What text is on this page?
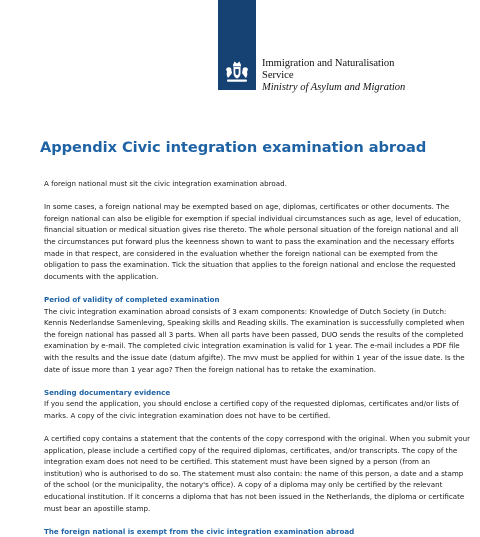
Immigration and Naturalisation
Service
Ministry of Asylum and Migration
Appendix Civic integration examination abroad

A foreign national must sit the civic integration examination abroad.

In some cases, a foreign national may be exempted based on age, diplomas, certificates or other documents. The foreign national can also be eligible for exemption if special individual circumstances such as age, level of education, financial situation or medical situation gives rise thereto. The whole personal situation of the foreign national and all the circumstances put forward plus the keenness shown to want to pass the examination and the necessary efforts made in that respect, are considered in the evaluation whether the foreign national can be exempted from the obligation to pass the examination. Tick the situation that applies to the foreign national and enclose the requested documents with the application.

Period of validity of completed examination

The civic integration examination abroad consists of 3 exam components: Knowledge of Dutch Society (in Dutch: Kennis Nederlandse Samenleving, Speaking skills and Reading skills. The examination is successfully completed when the foreign national has passed all 3 parts. When all parts have been passed, DUO sends the results of the completed examination by e-mail. The completed civic integration examination is valid for 1 year. The e-mail includes a PDF file with the results and the issue date (datum afgifte). The mvv must be applied for within 1 year of the issue date. Is the date of issue more than 1 year ago? Then the foreign national has to retake the examination.

Sending documentary evidence

If you send the application, you should enclose a certified copy of the requested diplomas, certificates and/or lists of marks. A copy of the civic integration examination does not have to be certified.

A certified copy contains a statement that the contents of the copy correspond with the original. When you submit your application, please include a certified copy of the required diplomas, certificates, and/or transcripts. The copy of the integration exam does not need to be certified. This statement must have been signed by a person (from an institution) who is authorised to do so. The statement must also contain: the name of this person, a date and a stamp of the school (or the municipality, the notary's office). A copy of a diploma may only be certified by the relevant educational institution. If it concerns a diploma that has not been issued in the Netherlands, the diploma or certificate must bear an apostille stamp.

The foreign national is exempt from the civic integration examination abroad
